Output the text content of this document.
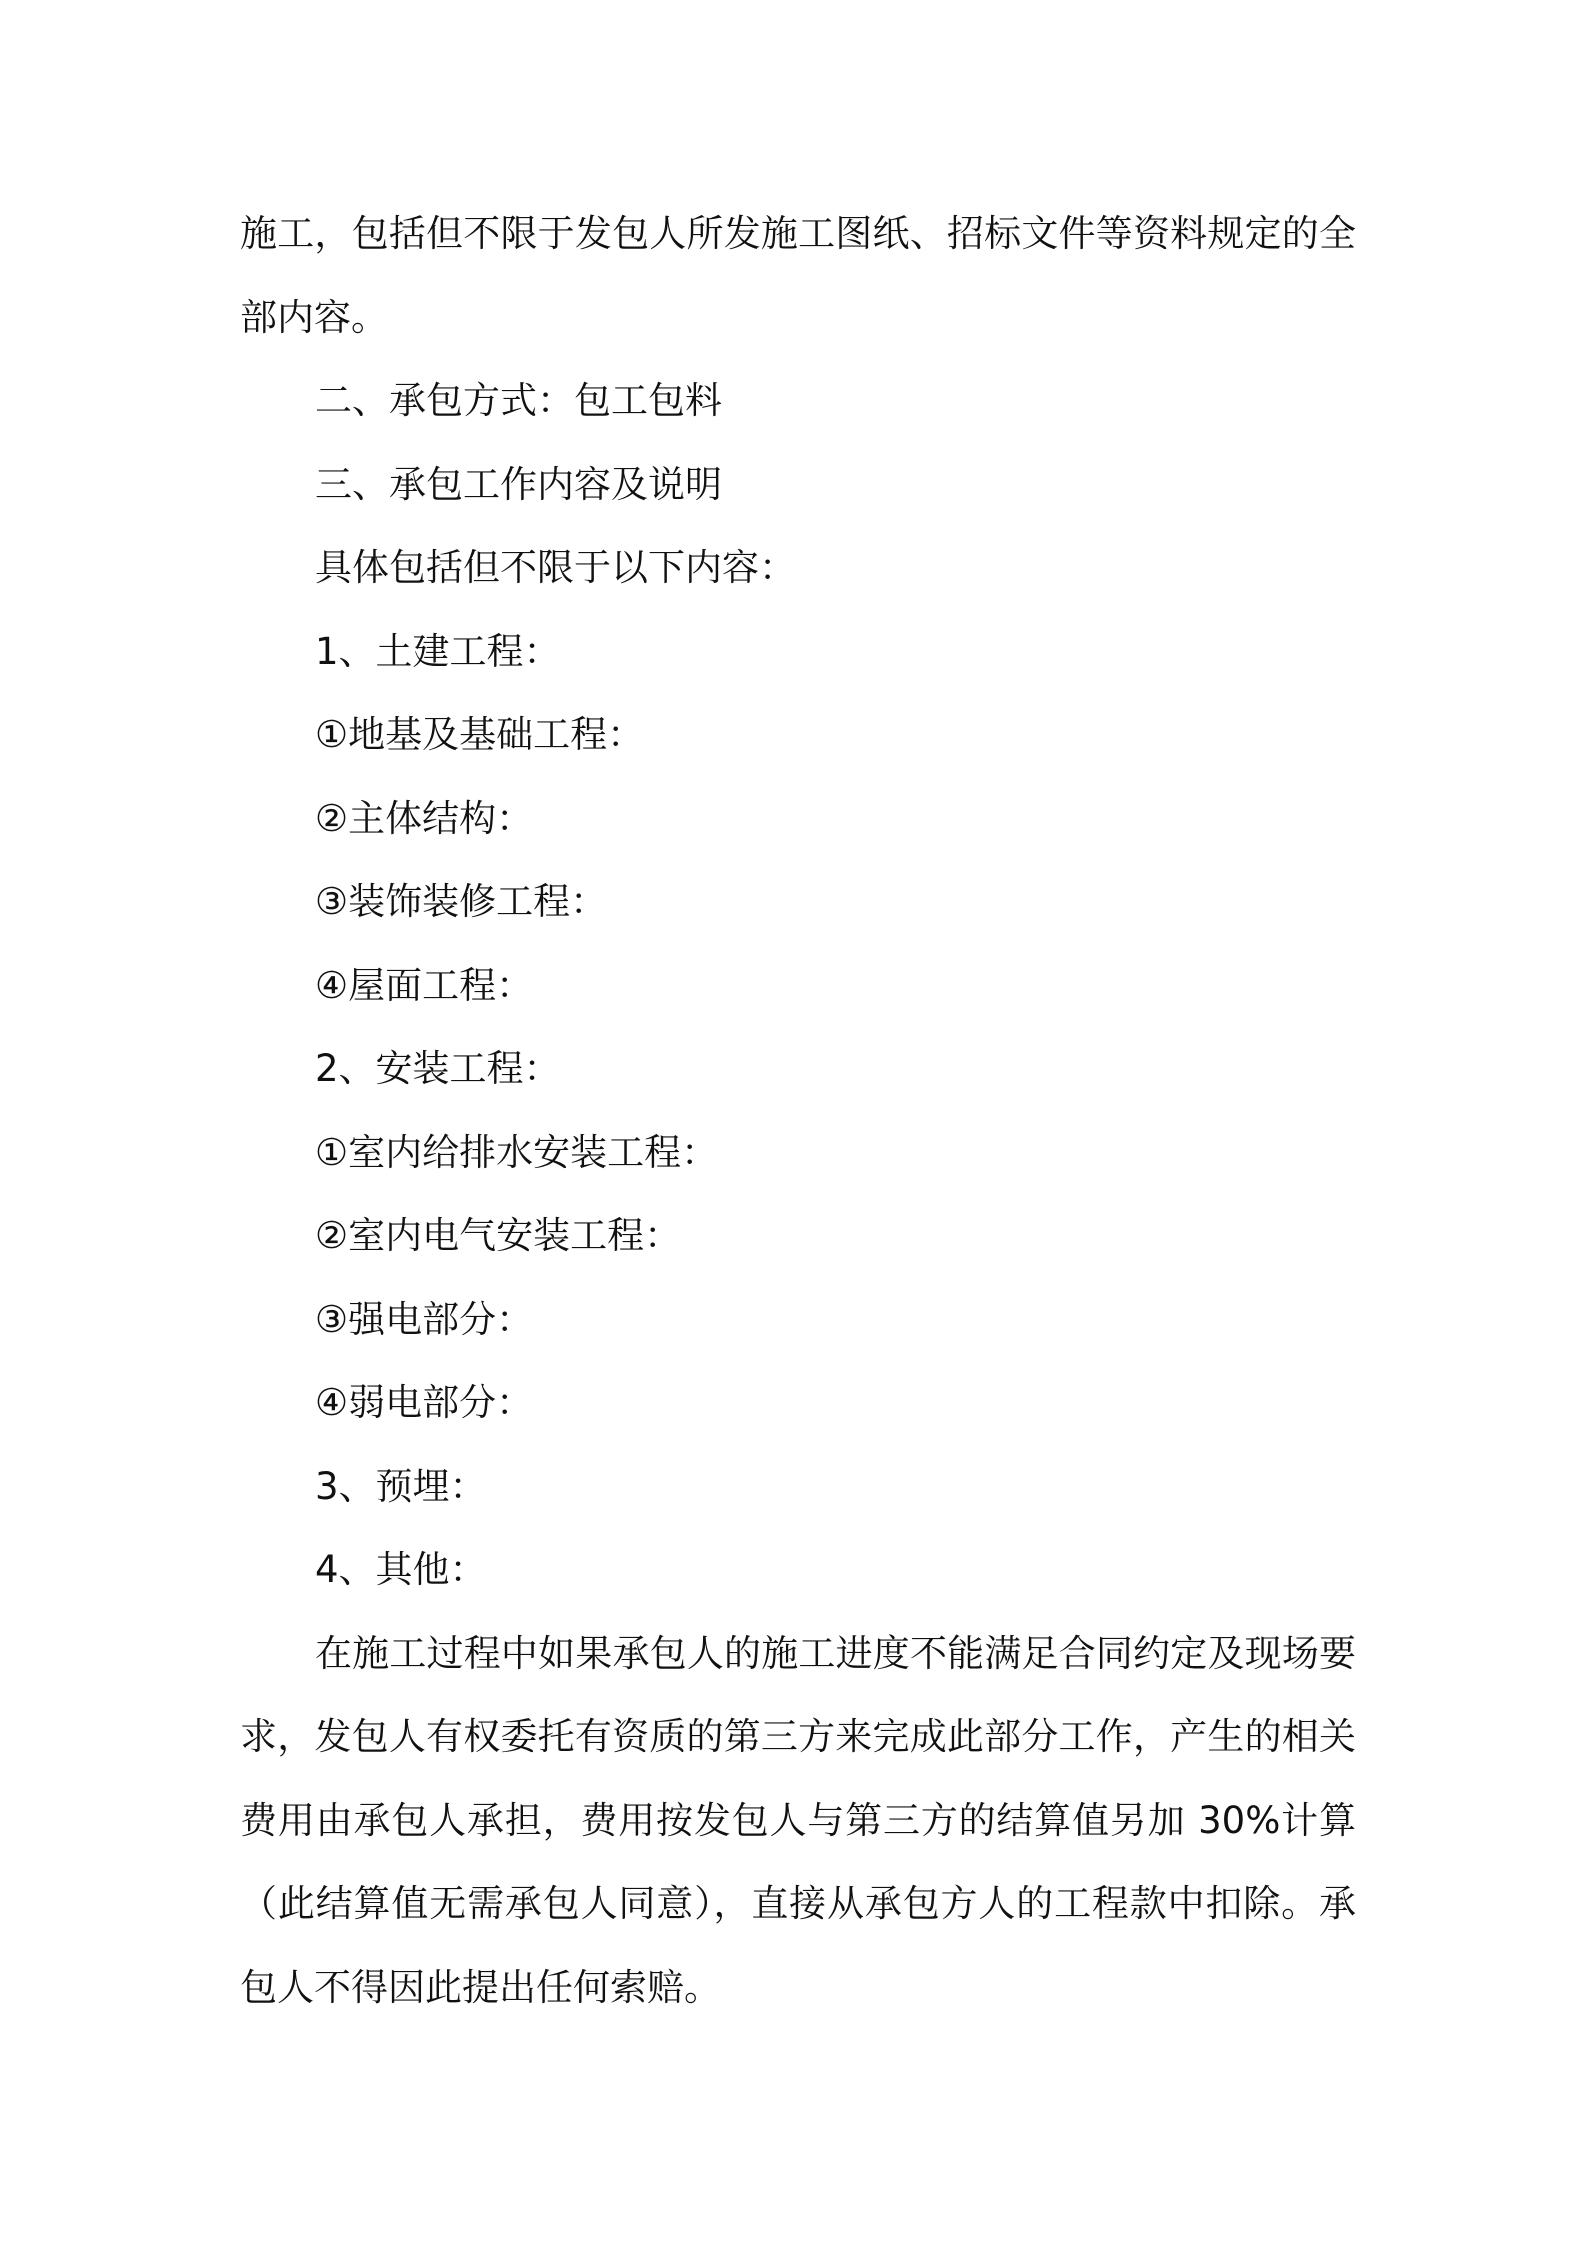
施工，包括但不限于发包人所发施工图纸、招标文件等资料规定的全部内容。

二、承包方式：包工包料

三、承包工作内容及说明

具体包括但不限于以下内容：

1、土建工程：

①地基及基础工程：

②主体结构：

③装饰装修工程：

④屋面工程：

2、安装工程：

①室内给排水安装工程：

②室内电气安装工程：

③强电部分：

④弱电部分：

3、预埋：

4、其他：

在施工过程中如果承包人的施工进度不能满足合同约定及现场要求，发包人有权委托有资质的第三方来完成此部分工作，产生的相关费用由承包人承担，费用按发包人与第三方的结算值另加 30%计算（此结算值无需承包人同意），直接从承包方人的工程款中扣除。承包人不得因此提出任何索赔。
